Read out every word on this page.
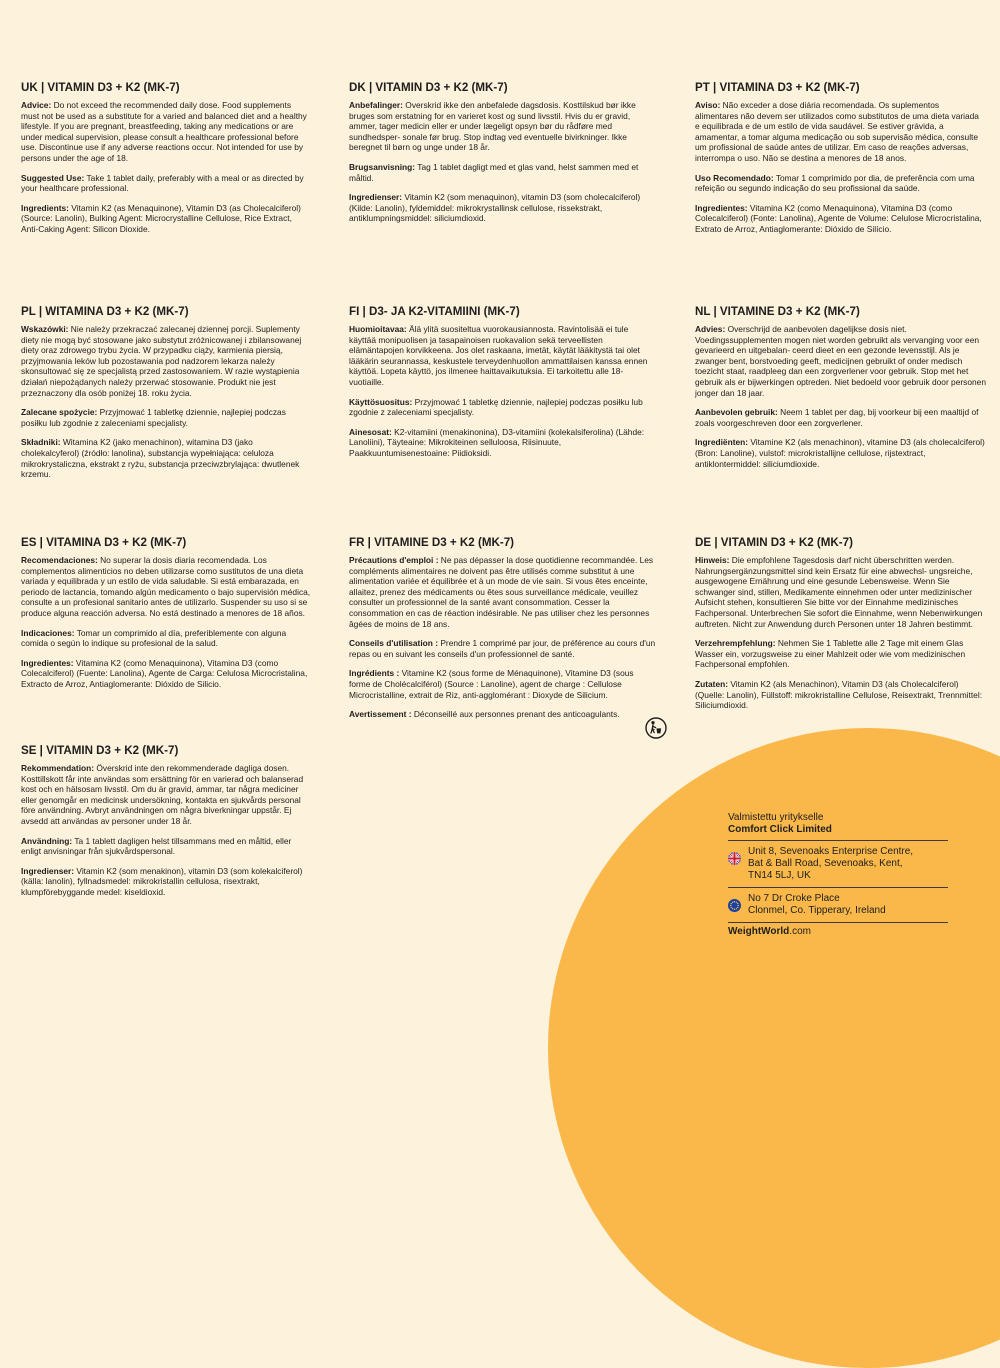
UK | VITAMIN D3 + K2 (MK-7)

Advice: Do not exceed the recommended daily dose. Food supplements must not be used as a substitute for a varied and balanced diet and a healthy lifestyle. If you are pregnant, breastfeeding, taking any medications or are under medical supervision, please consult a healthcare professional before use. Discontinue use if any adverse reactions occur. Not intended for use by persons under the age of 18.

Suggested Use: Take 1 tablet daily, preferably with a meal or as directed by your healthcare professional.

Ingredients: Vitamin K2 (as Menaquinone), Vitamin D3 (as Cholecalciferol) (Source: Lanolin), Bulking Agent: Microcrystalline Cellulose, Rice Extract, Anti-Caking Agent: Silicon Dioxide.

DK | VITAMIN D3 + K2 (MK-7)

Anbefalinger: Overskrid ikke den anbefalede dagsdosis. Kosttilskud bør ikke bruges som erstatning for en varieret kost og sund livsstil. Hvis du er gravid, ammer, tager medicin eller er under lægeligt opsyn bør du rådføre med sundhedsper- sonale før brug. Stop indtag ved eventuelle bivirkninger. Ikke beregnet til børn og unge under 18 år.

Brugsanvisning: Tag 1 tablet dagligt med et glas vand, helst sammen med et måltid.

Ingredienser: Vitamin K2 (som menaquinon), vitamin D3 (som cholecalciferol) (Kilde: Lanolin), fyldemiddel: mikrokrystallinsk cellulose, rissekstrakt, antiklumpningsmiddel: siliciumdioxid.

PT | VITAMINA D3 + K2 (MK-7)

Aviso: Não exceder a dose diária recomendada. Os suplementos alimentares não devem ser utilizados como substitutos de uma dieta variada e equilibrada e de um estilo de vida saudável. Se estiver grávida, a amamentar, a tomar alguma medicação ou sob supervisão médica, consulte um profissional de saúde antes de utilizar. Em caso de reações adversas, interrompa o uso. Não se destina a menores de 18 anos.

Uso Recomendado: Tomar 1 comprimido por dia, de preferência com uma refeição ou segundo indicação do seu profissional da saúde.

Ingredientes: Vitamina K2 (como Menaquinona), Vitamina D3 (como Colecalciferol) (Fonte: Lanolina), Agente de Volume: Celulose Microcristalina, Extrato de Arroz, Antiaglomerante: Dióxido de Silício.

PL | WITAMINA D3 + K2 (MK-7)

Wskazówki: Nie należy przekraczać zalecanej dziennej porcji. Suplementy diety nie mogą być stosowane jako substytut zróżnicowanej i zbilansowanej diety oraz zdrowego trybu życia. W przypadku ciąży, karmienia piersią, przyjmowania leków lub pozostawania pod nadzorem lekarza należy skonsultować się ze specjalistą przed zastosowaniem. W razie wystąpienia działań niepożądanych należy przerwać stosowanie. Produkt nie jest przeznaczony dla osób poniżej 18. roku życia.

Zalecane spożycie: Przyjmować 1 tabletkę dziennie, najlepiej podczas posiłku lub zgodnie z zaleceniami specjalisty.

Składniki: Witamina K2 (jako menachinon), witamina D3 (jako cholekalcyferol) (źródło: lanolina), substancja wypełniająca: celuloza mikrokrystaliczna, ekstrakt z ryżu, substancja przeciwzbrylająca: dwutlenek krzemu.

FI | D3- JA K2-VITAMIINI (MK-7)

Huomioitavaa: Älä ylitä suositeltua vuorokausiannosta. Ravintolisää ei tule käyttää monipuolisen ja tasapainoisen ruokavalion sekä terveellisten elämäntapojen korvikkeena. Jos olet raskaana, imetät, käytät lääkitystä tai olet lääkärin seurannassa, keskustele terveydenhuollon ammattilaisen kanssa ennen käyttöä. Lopeta käyttö, jos ilmenee haittavaikutuksia. Ei tarkoitettu alle 18-vuotiaille.

Käyttösuositus: Przyjmować 1 tabletkę dziennie, najlepiej podczas posiłku lub zgodnie z zaleceniami specjalisty.

Ainesosat: K2-vitamiini (menakinonina), D3-vitamiini (kolekalsiferolina) (Lähde: Lanoliini), Täyteaine: Mikrokiteinen selluloosa, Riisinuute, Paakkuuntumisenestoaine: Piidioksidi.

NL | VITAMINE D3 + K2 (MK-7)

Advies: Overschrijd de aanbevolen dagelijkse dosis niet. Voedingssupplementen mogen niet worden gebruikt als vervanging voor een gevarieerd en uitgebalan- ceerd dieet en een gezonde levensstijl. Als je zwanger bent, borstvoeding geeft, medicijnen gebruikt of onder medisch toezicht staat, raadpleeg dan een zorgverlener voor gebruik. Stop met het gebruik als er bijwerkingen optreden. Niet bedoeld voor gebruik door personen jonger dan 18 jaar.

Aanbevolen gebruik: Neem 1 tablet per dag, bij voorkeur bij een maaltijd of zoals voorgeschreven door een zorgverlener.

Ingrediënten: Vitamine K2 (als menachinon), vitamine D3 (als cholecalciferol) (Bron: Lanoline), vulstof: microkristallijne cellulose, rijstextract, antiklontermiddel: siliciumdioxide.

ES | VITAMINA D3 + K2 (MK-7)

Recomendaciones: No superar la dosis diaria recomendada. Los complementos alimenticios no deben utilizarse como sustitutos de una dieta variada y equilibrada y un estilo de vida saludable. Si está embarazada, en periodo de lactancia, tomando algún medicamento o bajo supervisión médica, consulte a un profesional sanitario antes de utilizarlo. Suspender su uso si se produce alguna reacción adversa. No está destinado a menores de 18 años.

Indicaciones: Tomar un comprimido al día, preferiblemente con alguna comida o según lo indique su profesional de la salud.

Ingredientes: Vitamina K2 (como Menaquinona), Vitamina D3 (como Colecalciferol) (Fuente: Lanolina), Agente de Carga: Celulosa Microcristalina, Extracto de Arroz, Antiaglomerante: Dióxido de Silicio.

FR | VITAMINE D3 + K2 (MK-7)

Précautions d'emploi : Ne pas dépasser la dose quotidienne recommandée. Les compléments alimentaires ne doivent pas être utilisés comme substitut à une alimentation variée et équilibrée et à un mode de vie sain. Si vous êtes enceinte, allaitez, prenez des médicaments ou êtes sous surveillance médicale, veuillez consulter un professionnel de la santé avant consommation. Cesser la consommation en cas de réaction indésirable. Ne pas utiliser chez les personnes âgées de moins de 18 ans.

Conseils d'utilisation : Prendre 1 comprimé par jour, de préférence au cours d'un repas ou en suivant les conseils d'un professionnel de santé.

Ingrédients : Vitamine K2 (sous forme de Ménaquinone), Vitamine D3 (sous forme de Cholécalciférol) (Source : Lanoline), agent de charge : Cellulose Microcristalline, extrait de Riz, anti-agglomérant : Dioxyde de Silicium.

Avertissement : Déconseillé aux personnes prenant des anticoagulants.

DE | VITAMIN D3 + K2 (MK-7)

Hinweis: Die empfohlene Tagesdosis darf nicht überschritten werden. Nahrungsergänzungsmittel sind kein Ersatz für eine abwechsl- ungsreiche, ausgewogene Ernährung und eine gesunde Lebensweise. Wenn Sie schwanger sind, stillen, Medikamente einnehmen oder unter medizinischer Aufsicht stehen, konsultieren Sie bitte vor der Einnahme medizinisches Fachpersonal. Unterbrechen Sie sofort die Einnahme, wenn Nebenwirkungen auftreten. Nicht zur Anwendung durch Personen unter 18 Jahren bestimmt.

Verzehrempfehlung: Nehmen Sie 1 Tablette alle 2 Tage mit einem Glas Wasser ein, vorzugsweise zu einer Mahlzeit oder wie vom medizinischen Fachpersonal empfohlen.

Zutaten: Vitamin K2 (als Menachinon), Vitamin D3 (als Cholecalciferol) (Quelle: Lanolin), Füllstoff: mikrokristalline Cellulose, Reisextrakt, Trennmittel: Siliciumdioxid.

SE | VITAMIN D3 + K2 (MK-7)

Rekommendation: Överskrid inte den rekommenderade dagliga dosen. Kosttillskott får inte användas som ersättning för en varierad och balanserad kost och en hälsosam livsstil. Om du är gravid, ammar, tar några mediciner eller genomgår en medicinsk undersökning, kontakta en sjukvårds personal före användning. Avbryt användningen om några biverkningar uppstår. Ej avsedd att användas av personer under 18 år.

Användning: Ta 1 tablett dagligen helst tillsammans med en måltid, eller enligt anvisningar från sjukvårdspersonal.

Ingredienser: Vitamin K2 (som menakinon), vitamin D3 (som kolekalciferol) (källa: lanolin), fyllnadsmedel: mikrokristallin cellulosa, risextrakt, klumpförebyggande medel: kiseldioxid.

Valmistettu yritykselle

Comfort Click Limited

Unit 8, Sevenoaks Enterprise Centre,
Bat & Ball Road, Sevenoaks, Kent,
TN14 5LJ, UK
No 7 Dr Croke Place
Clonmel, Co. Tipperary, Ireland
WeightWorld.com
